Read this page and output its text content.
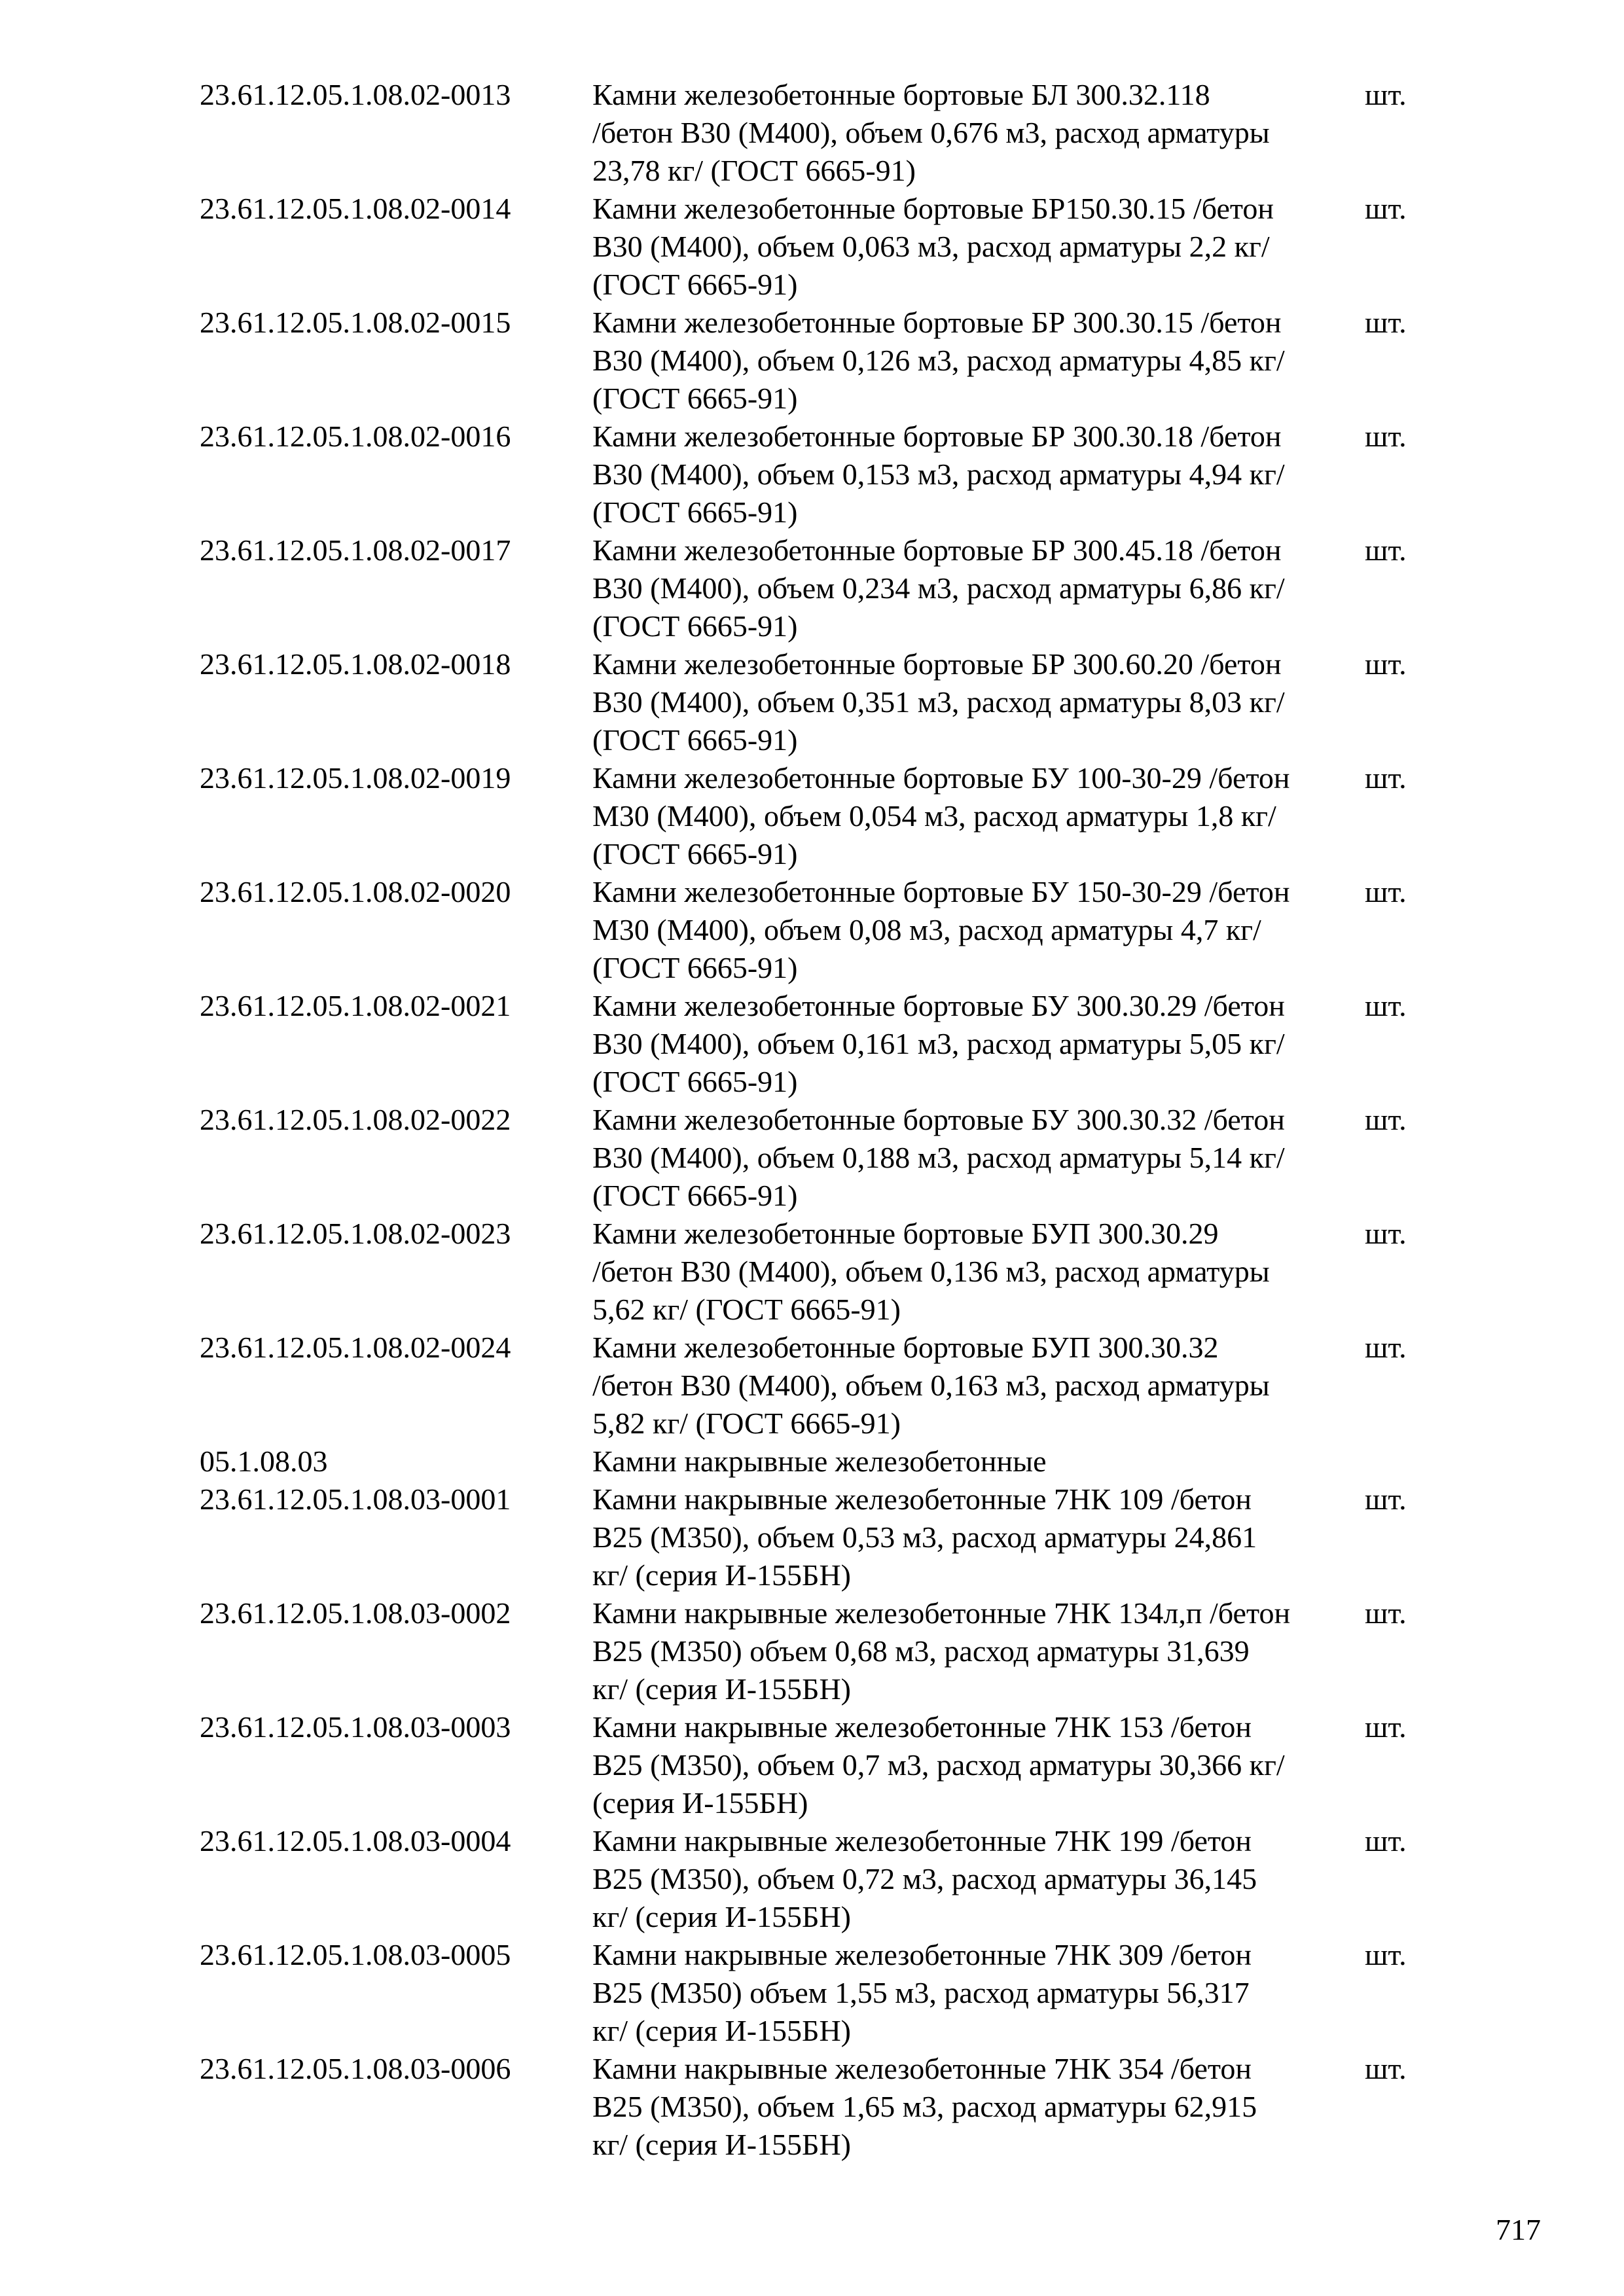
23.61.12.05.1.08.02-0013	Камни железобетонные бортовые БЛ 300.32.118
/бетон В30 (М400), объем 0,676 м3, расход арматуры
23,78 кг/ (ГОСТ 6665-91)
шт.
23.61.12.05.1.08.02-0014	Камни железобетонные бортовые БР150.30.15 /бетон
В30 (М400), объем 0,063 м3, расход арматуры 2,2 кг/
(ГОСТ 6665-91)
шт.
23.61.12.05.1.08.02-0015	Камни железобетонные бортовые БР 300.30.15 /бетон
В30 (М400), объем 0,126 м3, расход арматуры 4,85 кг/
(ГОСТ 6665-91)
шт.
23.61.12.05.1.08.02-0016	Камни железобетонные бортовые БР 300.30.18 /бетон
В30 (М400), объем 0,153 м3, расход арматуры 4,94 кг/
(ГОСТ 6665-91)
шт.
23.61.12.05.1.08.02-0017	Камни железобетонные бортовые БР 300.45.18 /бетон
В30 (М400), объем 0,234 м3, расход арматуры 6,86 кг/
(ГОСТ 6665-91)
шт.
23.61.12.05.1.08.02-0018	Камни железобетонные бортовые БР 300.60.20 /бетон
В30 (М400), объем 0,351 м3, расход арматуры 8,03 кг/
(ГОСТ 6665-91)
шт.
23.61.12.05.1.08.02-0019	Камни железобетонные бортовые БУ 100-30-29 /бетон
М30 (М400), объем 0,054 м3, расход арматуры 1,8 кг/
(ГОСТ 6665-91)
шт.
23.61.12.05.1.08.02-0020	Камни железобетонные бортовые БУ 150-30-29 /бетон
М30 (М400), объем 0,08 м3, расход арматуры 4,7 кг/
(ГОСТ 6665-91)
шт.
23.61.12.05.1.08.02-0021	Камни железобетонные бортовые БУ 300.30.29 /бетон
В30 (М400), объем 0,161 м3, расход арматуры 5,05 кг/
(ГОСТ 6665-91)
шт.
23.61.12.05.1.08.02-0022	Камни железобетонные бортовые БУ 300.30.32 /бетон
В30 (М400), объем 0,188 м3, расход арматуры 5,14 кг/
(ГОСТ 6665-91)
шт.
23.61.12.05.1.08.02-0023	Камни железобетонные бортовые БУП 300.30.29
/бетон В30 (М400), объем 0,136 м3, расход арматуры
5,62 кг/ (ГОСТ 6665-91)
шт.
23.61.12.05.1.08.02-0024	Камни железобетонные бортовые БУП 300.30.32
/бетон В30 (М400), объем 0,163 м3, расход арматуры
5,82 кг/ (ГОСТ 6665-91)
шт.
05.1.08.03	Камни накрывные железобетонные
23.61.12.05.1.08.03-0001	Камни накрывные железобетонные 7НК 109 /бетон
В25 (М350), объем 0,53 м3, расход арматуры 24,861
кг/ (серия И-155БН)
шт.
23.61.12.05.1.08.03-0002	Камни накрывные железобетонные 7НК 134л,п /бетон
В25 (М350) объем 0,68 м3, расход арматуры 31,639
кг/ (серия И-155БН)
шт.
23.61.12.05.1.08.03-0003	Камни накрывные железобетонные 7НК 153 /бетон
В25 (М350), объем 0,7 м3, расход арматуры 30,366 кг/
(серия И-155БН)
шт.
23.61.12.05.1.08.03-0004	Камни накрывные железобетонные 7НК 199 /бетон
В25 (М350), объем 0,72 м3, расход арматуры 36,145
кг/ (серия И-155БН)
шт.
23.61.12.05.1.08.03-0005	Камни накрывные железобетонные 7НК 309 /бетон
В25 (М350) объем 1,55 м3, расход арматуры 56,317
кг/ (серия И-155БН)
шт.
23.61.12.05.1.08.03-0006	Камни накрывные железобетонные 7НК 354 /бетон
В25 (М350), объем 1,65 м3, расход арматуры 62,915
кг/ (серия И-155БН)
шт.
717
